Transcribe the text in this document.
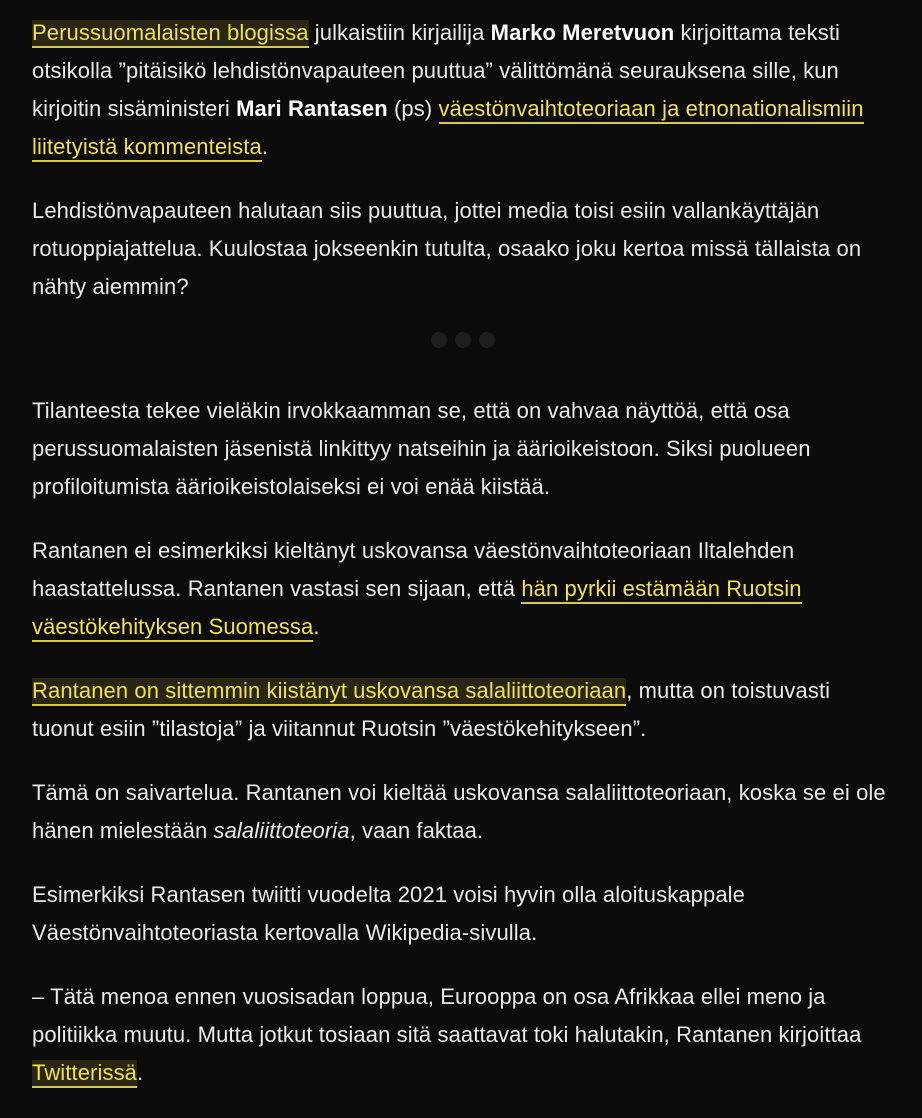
Perussuomalaisten blogissa julkaistiin kirjailija Marko Meretvuon kirjoittama teksti otsikolla ”pitäisikö lehdistönvapauteen puuttua” välittömänä seurauksena sille, kun kirjoitin sisäministeri Mari Rantasen (ps) väestönvaihtoteoriaan ja etnonationalismiin liitetyistä kommenteista.

Lehdistönvapauteen halutaan siis puuttua, jottei media toisi esiin vallankäyttäjän rotuoppiajattelua. Kuulostaa jokseenkin tutulta, osaako joku kertoa missä tällaista on nähty aiemmin?

Tilanteesta tekee vieläkin irvokkaamman se, että on vahvaa näyttöä, että osa perussuomalaisten jäsenistä linkittyy natseihin ja äärioikeistoon. Siksi puolueen profiloitumista äärioikeistolaiseksi ei voi enää kiistää.

Rantanen ei esimerkiksi kieltänyt uskovansa väestönvaihtoteoriaan Iltalehden haastattelussa. Rantanen vastasi sen sijaan, että hän pyrkii estämään Ruotsin väestökehityksen Suomessa.

Rantanen on sittemmin kiistänyt uskovansa salaliittoteoriaan, mutta on toistuvasti tuonut esiin ”tilastoja” ja viitannut Ruotsin ”väestökehitykseen”.

Tämä on saivartelua. Rantanen voi kieltää uskovansa salaliittoteoriaan, koska se ei ole hänen mielestään salaliittoteoria, vaan faktaa.

Esimerkiksi Rantasen twiitti vuodelta 2021 voisi hyvin olla aloituskappale Väestönvaihtoteoriasta kertovalla Wikipedia-sivulla.

– Tätä menoa ennen vuosisadan loppua, Eurooppa on osa Afrikkaa ellei meno ja politiikka muutu. Mutta jotkut tosiaan sitä saattavat toki halutakin, Rantanen kirjoittaa Twitterissä.
